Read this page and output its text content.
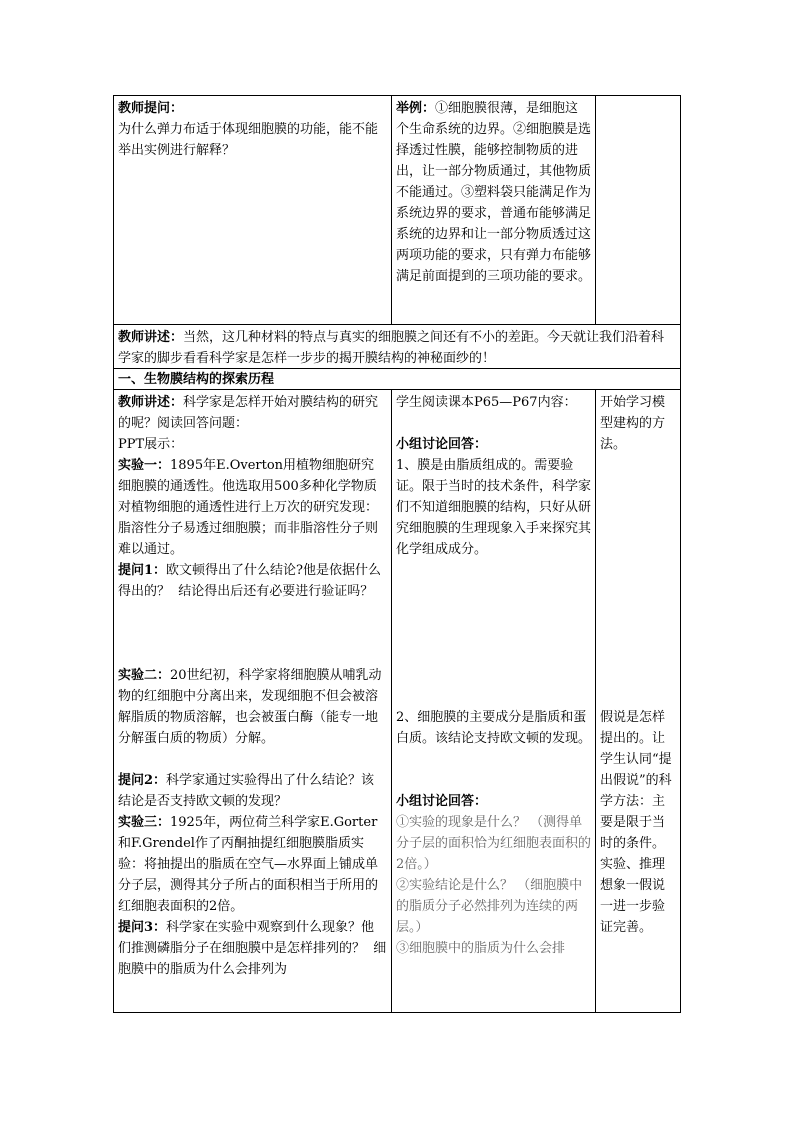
教师提问：
为什么弹力布适于体现细胞膜的功能，能不能举出实例进行解释？
举例：①细胞膜很薄，是细胞这个生命系统的边界。②细胞膜是选择透过性膜，能够控制物质的进出，让一部分物质通过，其他物质不能通过。③塑料袋只能满足作为系统边界的要求，普通布能够满足系统的边界和让一部分物质透过这两项功能的要求，只有弹力布能够满足前面提到的三项功能的要求。
教师讲述：当然，这几种材料的特点与真实的细胞膜之间还有不小的差距。今天就让我们沿着科学家的脚步看看科学家是怎样一步步的揭开膜结构的神秘面纱的！
一、生物膜结构的探索历程
教师讲述：科学家是怎样开始对膜结构的研究的呢？阅读回答问题：
PPT展示：
实验一：1895年E.Overton用植物细胞研究细胞膜的通透性。他选取用500多种化学物质对植物细胞的通透性进行上万次的研究发现：脂溶性分子易透过细胞膜；而非脂溶性分子则难以通过。
提问1：欧文顿得出了什么结论?他是依据什么得出的？  结论得出后还有必要进行验证吗？

实验二：20世纪初，科学家将细胞膜从哺乳动物的红细胞中分离出来，发现细胞不但会被溶解脂质的物质溶解，也会被蛋白酶（能专一地分解蛋白质的物质）分解。

提问2：科学家通过实验得出了什么结论？该结论是否支持欧文顿的发现？
实验三：1925年，两位荷兰科学家E.Gorter和F.Grendel作了丙酮抽提红细胞膜脂质实验：将抽提出的脂质在空气—水界面上铺成单分子层，测得其分子所占的面积相当于所用的红细胞表面积的2倍。
提问3：科学家在实验中观察到什么现象？他们推测磷脂分子在细胞膜中是怎样排列的？  细胞膜中的脂质为什么会排列为
学生阅读课本P65—P67内容：

小组讨论回答：
1、膜是由脂质组成的。需要验证。限于当时的技术条件，科学家们不知道细胞膜的结构，只好从研究细胞膜的生理现象入手来探究其化学组成成分。

2、细胞膜的主要成分是脂质和蛋白质。该结论支持欧文顿的发现。

小组讨论回答：
①实验的现象是什么？ （测得单分子层的面积恰为红细胞表面积的2倍。）
②实验结论是什么？ （细胞膜中的脂质分子必然排列为连续的两层。）
③细胞膜中的脂质为什么会排
开始学习模型建构的方法。

假说是怎样提出的。让学生认同“提出假说”的科学方法：主要是限于当时的条件。实验、推理想象一假说一进一步验证完善。
